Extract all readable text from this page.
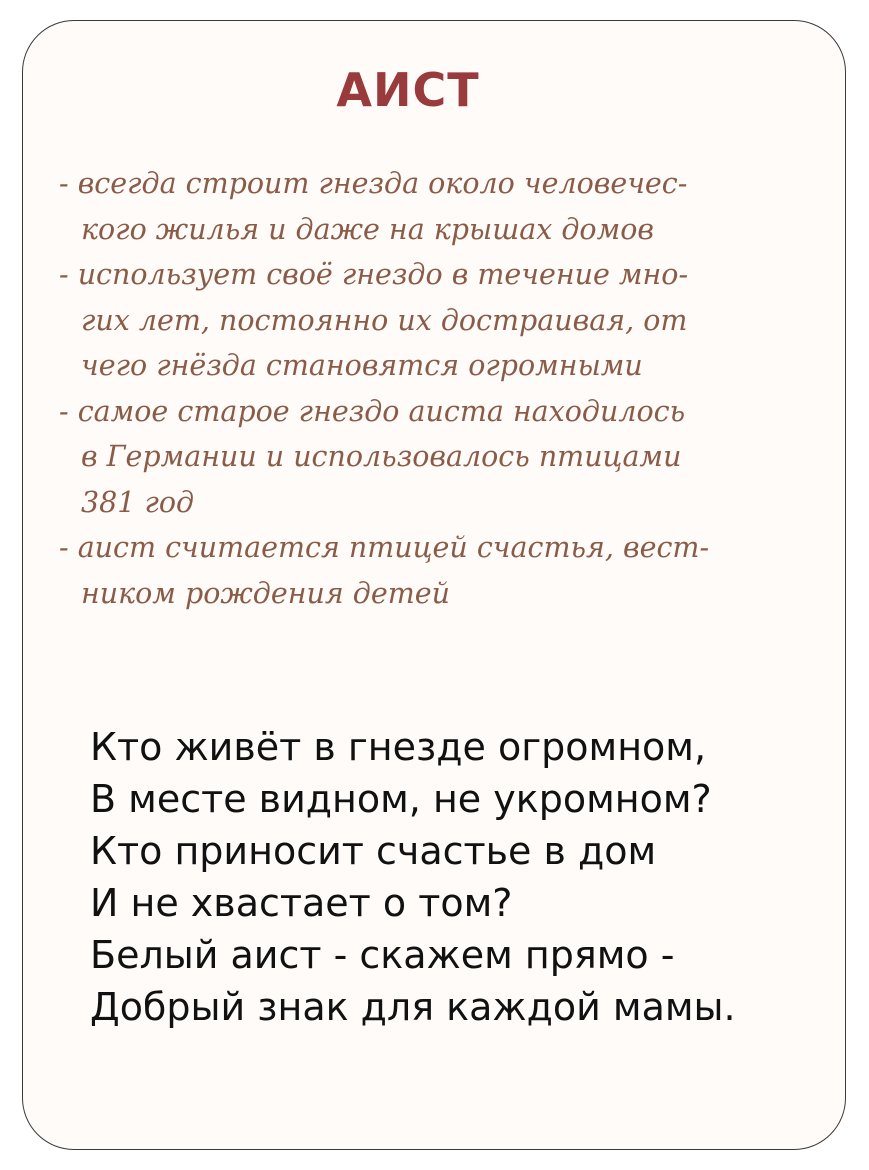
АИСТ

- всегда строит гнезда около человечес-

кого жилья и даже на крышах домов

- использует своё гнездо в течение мно-

гих лет, постоянно их достраивая, от

чего гнёзда становятся огромными

- самое старое гнездо аиста находилось

в Германии и использовалось птицами

381 год

- аист считается птицей счастья, вест-

ником рождения детей

Кто живёт в гнезде огромном,

В месте видном, не укромном?

Кто приносит счастье в дом

И не хвастает о том?

Белый аист - скажем прямо -

Добрый знак для каждой мамы.
